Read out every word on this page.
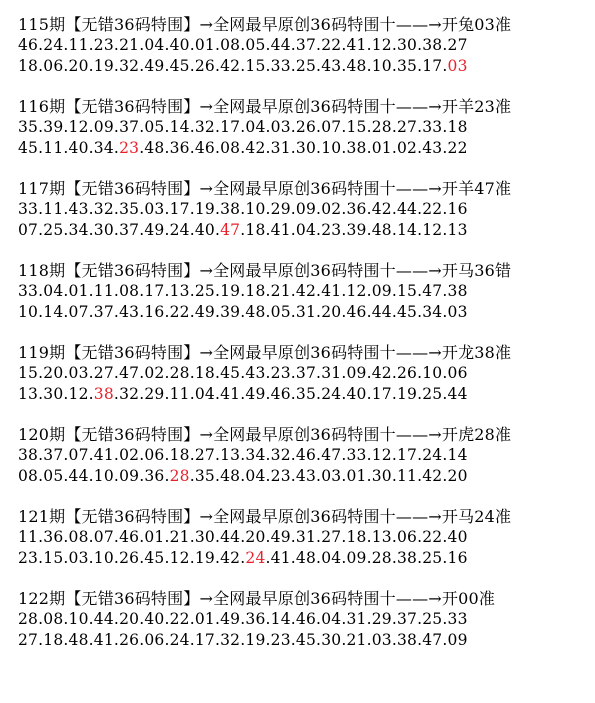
115期【无错36码特围】→全网最早原创36码特围十——→开兔03准
46.24.11.23.21.04.40.01.08.05.44.37.22.41.12.30.38.27
18.06.20.19.32.49.45.26.42.15.33.25.43.48.10.35.17.03
116期【无错36码特围】→全网最早原创36码特围十——→开羊23准
35.39.12.09.37.05.14.32.17.04.03.26.07.15.28.27.33.18
45.11.40.34.23.48.36.46.08.42.31.30.10.38.01.02.43.22
117期【无错36码特围】→全网最早原创36码特围十——→开羊47准
33.11.43.32.35.03.17.19.38.10.29.09.02.36.42.44.22.16
07.25.34.30.37.49.24.40.47.18.41.04.23.39.48.14.12.13
118期【无错36码特围】→全网最早原创36码特围十——→开马36错
33.04.01.11.08.17.13.25.19.18.21.42.41.12.09.15.47.38
10.14.07.37.43.16.22.49.39.48.05.31.20.46.44.45.34.03
119期【无错36码特围】→全网最早原创36码特围十——→开龙38准
15.20.03.27.47.02.28.18.45.43.23.37.31.09.42.26.10.06
13.30.12.38.32.29.11.04.41.49.46.35.24.40.17.19.25.44
120期【无错36码特围】→全网最早原创36码特围十——→开虎28准
38.37.07.41.02.06.18.27.13.34.32.46.47.33.12.17.24.14
08.05.44.10.09.36.28.35.48.04.23.43.03.01.30.11.42.20
121期【无错36码特围】→全网最早原创36码特围十——→开马24准
11.36.08.07.46.01.21.30.44.20.49.31.27.18.13.06.22.40
23.15.03.10.26.45.12.19.42.24.41.48.04.09.28.38.25.16
122期【无错36码特围】→全网最早原创36码特围十——→开00准
28.08.10.44.20.40.22.01.49.36.14.46.04.31.29.37.25.33
27.18.48.41.26.06.24.17.32.19.23.45.30.21.03.38.47.09
